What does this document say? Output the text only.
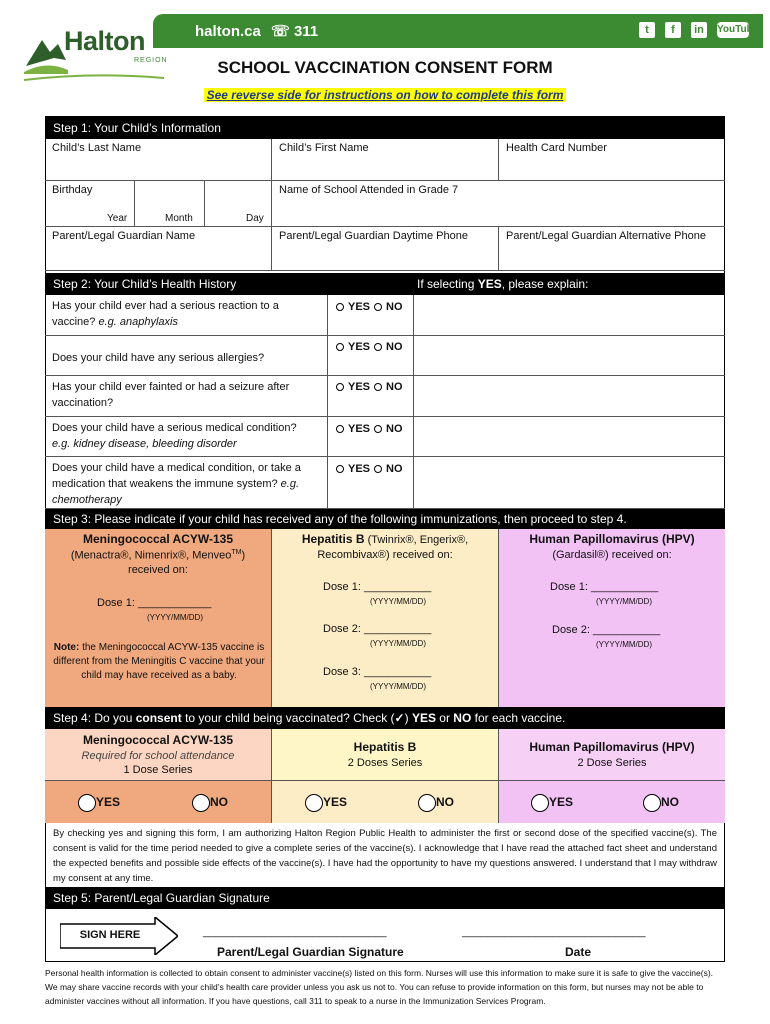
Halton
REGION
halton.ca ☏ 311	t	f	in	YouTube
SCHOOL VACCINATION CONSENT FORM
See reverse side for instructions on how to complete this form
Step 1: Your Child’s Information
Child’s Last Name	Child’s First Name	Health Card Number
Birthday
Year	Month	Day
Name of School Attended in Grade 7
Parent/Legal Guardian Name	Parent/Legal Guardian Daytime Phone	Parent/Legal Guardian Alternative Phone
Step 2: Your Child’s Health History	If selecting YES, please explain:
Has your child ever had a serious reaction to a
vaccine? e.g. anaphylaxis
YES	NO
Does your child have any serious allergies?
YES	NO
Has your child ever fainted or had a seizure after
vaccination?
YES	NO
Does your child have a serious medical condition?
e.g. kidney disease, bleeding disorder
YES	NO
Does your child have a medical condition, or take a
medication that weakens the immune system? e.g.
chemotherapy
YES	NO
Step 3: Please indicate if your child has received any of the following immunizations, then proceed to step 4.
Meningococcal ACYW-135
(Menactra®, Nimenrix®, Menveo™)
received on:
Dose 1: ____________
(YYYY/MM/DD)
Note: the Meningococcal ACYW-135 vaccine is different from the Meningitis C vaccine that your child may have received as a baby.
Hepatitis B (Twinrix®, Engerix®,
Recombivax®) received on:
Dose 1: ___________
(YYYY/MM/DD)
Dose 2: ___________
(YYYY/MM/DD)
Dose 3: ___________
(YYYY/MM/DD)
Human Papillomavirus (HPV)
(Gardasil®) received on:
Dose 1: ___________
(YYYY/MM/DD)
Dose 2: ___________
(YYYY/MM/DD)
Step 4: Do you consent to your child being vaccinated? Check (✓) YES or NO for each vaccine.
Meningococcal ACYW-135
Required for school attendance
1 Dose Series
Hepatitis B
2 Doses Series
Human Papillomavirus (HPV)
2 Dose Series
YES	NO	YES	NO	YES	NO
By checking yes and signing this form, I am authorizing Halton Region Public Health to administer the first or second dose of the specified vaccine(s). The consent is valid for the time period needed to give a complete series of the vaccine(s). I acknowledge that I have read the attached fact sheet and understand the expected benefits and possible side effects of the vaccine(s). I have had the opportunity to have my questions answered. I understand that I may withdraw my consent at any time.
Step 5: Parent/Legal Guardian Signature
SIGN HERE	______________________________	______________________________
Parent/Legal Guardian Signature	Date
Personal health information is collected to obtain consent to administer vaccine(s) listed on this form. Nurses will use this information to make sure it is safe to give the vaccine(s). We may share vaccine records with your child’s health care provider unless you ask us not to. You can refuse to provide information on this form, but nurses may not be able to administer vaccines without all information. If you have questions, call 311 to speak to a nurse in the Immunization Services Program.
